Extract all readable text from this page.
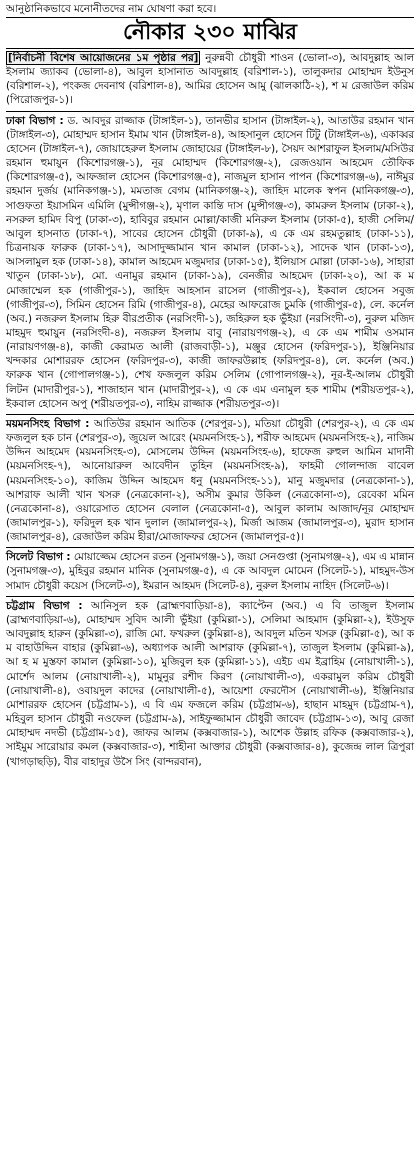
আনুষ্ঠানিকভাবে মনোনীতদের নাম ঘোষণা করা হবে।

নৌকার ২৩০ মাঝির

[নির্বাচনী বিশেষ আয়োজনের ১ম পৃষ্ঠার পর] নুরুন্নবী চৌধুরী শাওন (ভোলা-৩), আবদুল্লাহ আল ইসলাম জ্যাকব (ভোলা-৪), আবুল হাসানাত আবদুল্লাহ (বরিশাল-১), তালুকদার মোহাম্মদ ইউনুস (বরিশাল-২), পংকজ দেবনাথ (বরিশাল-৪), আমির হোসেন আমু (ঝালকাঠি-২), শ ম রেজাউল করিম (পিরোজপুর-১)।

ঢাকা বিভাগ : ড. আবদুর রাজ্জাক (টাঙ্গাইল-১), তানভীর হাসান (টাঙ্গাইল-২), আতাউর রহমান খান (টাঙ্গাইল-৩), মোহাম্মদ হাসান ইমাম খান (টাঙ্গাইল-৪), আহসানুল হোসেন টিটু (টাঙ্গাইল-৬), একাব্বর হোসেন (টাঙ্গাইল-৭), জোয়াহেরুল ইসলাম জোহায়ের (টাঙ্গাইল-৮), সৈয়দ আশরাফুল ইসলাম/মসিউর রহমান হুমায়ুন (কিশোরগঞ্জ-১), নূর মোহাম্মদ (কিশোরগঞ্জ-২), রেজওয়ান আহমেদ তৌফিক (কিশোরগঞ্জ-৫), আফজাল হোসেন (কিশোরগঞ্জ-৫), নাজমুল হাসান পাপন (কিশোরগঞ্জ-৬), নাঈমুর রহমান দুর্জয় (মানিকগঞ্জ-১), মমতাজ বেগম (মানিকগঞ্জ-২), জাহিদ মালেক স্বপন (মানিকগঞ্জ-৩), সাগুফতা ইয়াসমিন এমিলি (মুন্সীগঞ্জ-২), মৃণাল কান্তি দাস (মুন্সীগঞ্জ-৩), কামরুল ইসলাম (ঢাকা-২), নসরুল হামিদ বিপু (ঢাকা-৩), হাবিবুর রহমান মোল্লা/কাজী মনিরুল ইসলাম (ঢাকা-৫), হাজী সেলিম/আবুল হাসনাত (ঢাকা-৭), সাবের হোসেন চৌধুরী (ঢাকা-৯), এ কে এম রহমতুল্লাহ (ঢাকা-১১), চিত্রনায়ক ফারুক (ঢাকা-১৭), আসাদুজ্জামান খান কামাল (ঢাকা-১২), সাদেক খান (ঢাকা-১৩), আসলামুল হক (ঢাকা-১৪), কামাল আহমেদ মজুমদার (ঢাকা-১৫), ইলিয়াস মোল্লা (ঢাকা-১৬), সাহারা খাতুন (ঢাকা-১৮), মো. এনামুর রহমান (ঢাকা-১৯), বেনজীর আহমেদ (ঢাকা-২০), আ ক ম মোজাম্মেল হক (গাজীপুর-১), জাহিদ আহসান রাসেল (গাজীপুর-২), ইকবাল হোসেন সবুজ (গাজীপুর-৩), সিমিন হোসেন রিমি (গাজীপুর-৪), মেহের আফরোজ চুমকি (গাজীপুর-৫), লে. কর্নেল (অব.) নজরুল ইসলাম হিরু বীরপ্রতীক (নরসিংদী-১), জহিরুল হক ভুঁইয়া (নরসিংদী-৩), নুরুল মজিদ মাহমুদ হুমায়ুন (নরসিংদী-৪), নজরুল ইসলাম বাবু (নারায়ণগঞ্জ-২), এ কে এম শামীম ওসমান (নারায়ণগঞ্জ-৪), কাজী কেরামত আলী (রাজবাড়ী-১), মঞ্জুর হোসেন (ফরিদপুর-১), ইঞ্জিনিয়ার খন্দকার মোশাররফ হোসেন (ফরিদপুর-৩), কাজী জাফরউল্লাহ (ফরিদপুর-৪), লে. কর্নেল (অব.) ফারুক খান (গোপালগঞ্জ-১), শেখ ফজলুল করিম সেলিম (গোপালগঞ্জ-২), নূর-ই-আলম চৌধুরী লিটন (মাদারীপুর-১), শাজাহান খান (মাদারীপুর-২), এ কে এম এনামুল হক শামীম (শরীয়তপুর-২), ইকবাল হোসেন অপু (শরীয়তপুর-৩), নাহিম রাজ্জাক (শরীয়তপুর-৩)।

ময়মনসিংহ বিভাগ : আতিউর রহমান আতিক (শেরপুর-১), মতিয়া চৌধুরী (শেরপুর-২), এ কে এম ফজলুল হক চান (শেরপুর-৩), জুয়েল আরেং (ময়মনসিংহ-১), শরীফ আহমেদ (ময়মনসিংহ-২), নাজিম উদ্দিন আহমেদ (ময়মনসিংহ-৩), মোসলেম উদ্দিন (ময়মনসিংহ-৬), হাফেজ রুহুল আমিন মাদানী (ময়মনসিংহ-৭), আনোয়ারুল আবেদীন তুহিন (ময়মনসিংহ-৯), ফাহমী গোলন্দাজ বাবেল (ময়মনসিংহ-১০), কাজিম উদ্দিন আহমেদ ধনু (ময়মনসিংহ-১১), মানু মজুমদার (নেত্রকোনা-১), আশরাফ আলী খান খসরু (নেত্রকোনা-২), অসীম কুমার উকিল (নেত্রকোনা-৩), রেবেকা মমিন (নেত্রকোনা-৪), ওয়ারেসাত হোসেন বেলাল (নেত্রকোনা-৫), আবুল কালাম আজাদ/নূর মোহাম্মদ (জামালপুর-১), ফরিদুল হক খান দুলাল (জামালপুর-২), মির্জা আজম (জামালপুর-৩), মুরাদ হাসান (জামালপুর-৪), রেজাউল করিম হীরা/মোজাফফর হোসেন (জামালপুর-৫)।

সিলেট বিভাগ : মোয়াজ্জেম হোসেন রতন (সুনামগঞ্জ-১), জয়া সেনগুপ্তা (সুনামগঞ্জ-২), এম এ মান্নান (সুনামগঞ্জ-৩), মুহিবুর রহমান মানিক (সুনামগঞ্জ-৫), এ কে আবদুল মোমেন (সিলেট-১), মাহমুদ-উস সামাদ চৌধুরী কয়েস (সিলেট-৩), ইমরান আহমদ (সিলেট-৪), নুরুল ইসলাম নাহিদ (সিলেট-৬)।

চট্টগ্রাম বিভাগ : আনিসুল হক (ব্রাহ্মণবাড়িয়া-৪), ক্যাপ্টেন (অব.) এ বি তাজুল ইসলাম (ব্রাহ্মণবাড়িয়া-৬), মোহাম্মদ সুবিদ আলী ভুঁইয়া (কুমিল্লা-১), সেলিমা আহমাদ (কুমিল্লা-২), ইউসুফ আবদুল্লাহ হারুন (কুমিল্লা-৩), রাজি মো. ফখরুল (কুমিল্লা-৪), আবদুল মতিন খসরু (কুমিল্লা-৫), আ ক ম বাহাউদ্দিন বাহার (কুমিল্লা-৬), অধ্যাপক আলী আশরাফ (কুমিল্লা-৭), তাজুল ইসলাম (কুমিল্লা-৯), আ হ ম মুস্তফা কামাল (কুমিল্লা-১০), মুজিবুল হক (কুমিল্লা-১১), এইচ এম ইব্রাহিম (নোয়াখালী-১), মোর্শেদ আলম (নোয়াখালী-২), মামুনুর রশীদ কিরণ (নোয়াখালী-৩), একরামুল করিম চৌধুরী (নোয়াখালী-৪), ওবায়দুল কাদের (নোয়াখালী-৫), আয়েশা ফেরদৌস (নোয়াখালী-৬), ইঞ্জিনিয়ার মোশাররফ হোসেন (চট্টগ্রাম-১), এ বি এম ফজলে করিম (চট্টগ্রাম-৬), হাছান মাহমুদ (চট্টগ্রাম-৭), মহিবুল হাসান চৌধুরী নওফেল (চট্টগ্রাম-৯), সাইফুজ্জামান চৌধুরী জাবেদ (চট্টগ্রাম-১৩), আবু রেজা মোহাম্মদ নদভী (চট্টগ্রাম-১৫), জাফর আলম (কক্সবাজার-১), আশেক উল্লাহ রফিক (কক্সবাজার-২), সাইমুম সারোয়ার কমল (কক্সবাজার-৩), শাহীনা আক্তার চৌধুরী (কক্সবাজার-৪), কুজেন্দ্র লাল ত্রিপুরা (খাগড়াছড়ি), বীর বাহাদুর উসৈ সিং (বান্দরবান),
